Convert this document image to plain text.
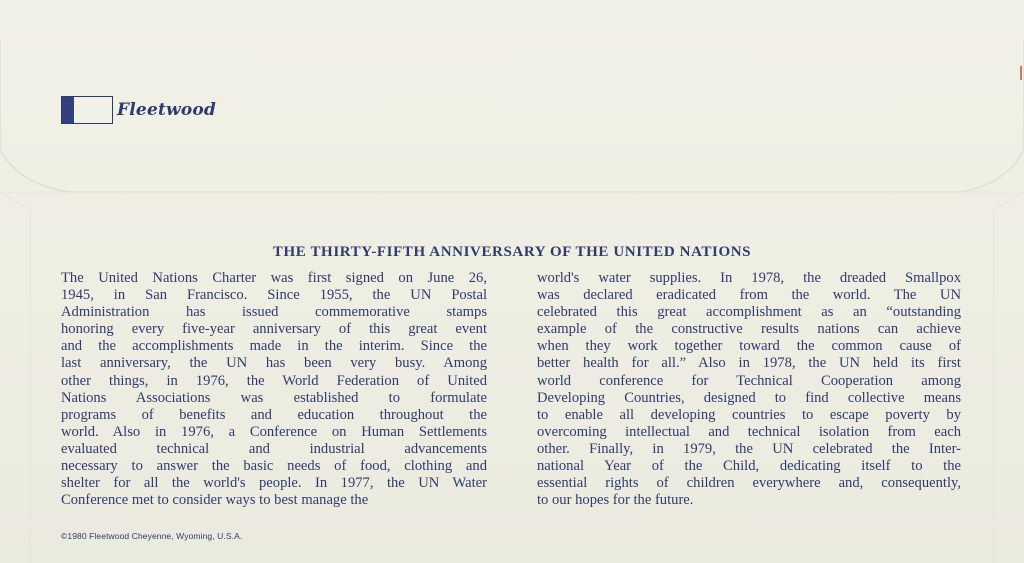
Fleetwood
THE THIRTY-FIFTH ANNIVERSARY OF THE UNITED NATIONS
The United Nations Charter was first signed on June 26,
1945, in San Francisco. Since 1955, the UN Postal
Administration has issued commemorative stamps
honoring every five-year anniversary of this great event
and the accomplishments made in the interim. Since the
last anniversary, the UN has been very busy. Among
other things, in 1976, the World Federation of United
Nations Associations was established to formulate
programs of benefits and education throughout the
world. Also in 1976, a Conference on Human Settlements
evaluated technical and industrial advancements
necessary to answer the basic needs of food, clothing and
shelter for all the world's people. In 1977, the UN Water
Conference met to consider ways to best manage the
world's water supplies. In 1978, the dreaded Smallpox
was declared eradicated from the world. The UN
celebrated this great accomplishment as an “outstanding
example of the constructive results nations can achieve
when they work together toward the common cause of
better health for all.” Also in 1978, the UN held its first
world conference for Technical Cooperation among
Developing Countries, designed to find collective means
to enable all developing countries to escape poverty by
overcoming intellectual and technical isolation from each
other. Finally, in 1979, the UN celebrated the Inter-
national Year of the Child, dedicating itself to the
essential rights of children everywhere and, consequently,
to our hopes for the future.
©1980 Fleetwood Cheyenne, Wyoming, U.S.A.
